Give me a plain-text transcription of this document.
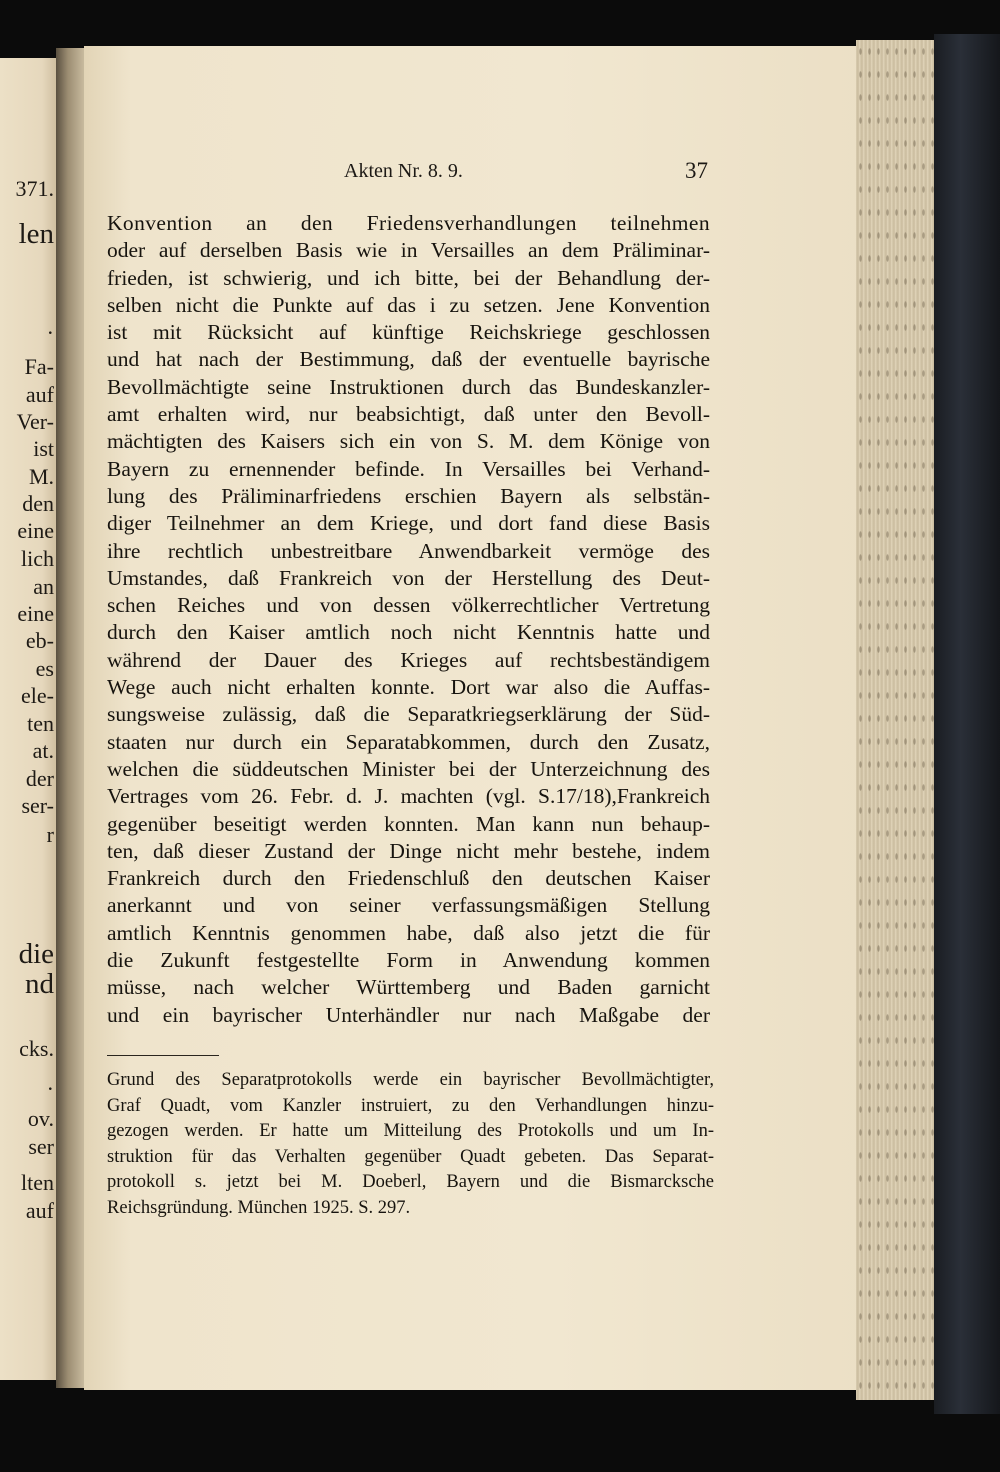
371.

len

·

Fa-

auf

Ver-

ist

M.

den

eine

lich

an

eine

eb-

es

ele-

ten

at.

der

ser-

r

die

nd

cks.

·

ov.

ser

lten

auf

Akten Nr. 8. 9.	37

Konvention an den Friedensverhandlungen teilnehmen
oder auf derselben Basis wie in Versailles an dem Präliminar-
frieden, ist schwierig, und ich bitte, bei der Behandlung der-
selben nicht die Punkte auf das i zu setzen. Jene Konvention
ist mit Rücksicht auf künftige Reichskriege geschlossen
und hat nach der Bestimmung, daß der eventuelle bayrische
Bevollmächtigte seine Instruktionen durch das Bundeskanzler-
amt erhalten wird, nur beabsichtigt, daß unter den Bevoll-
mächtigten des Kaisers sich ein von S. M. dem Könige von
Bayern zu ernennender befinde. In Versailles bei Verhand-
lung des Präliminarfriedens erschien Bayern als selbstän-
diger Teilnehmer an dem Kriege, und dort fand diese Basis
ihre rechtlich unbestreitbare Anwendbarkeit vermöge des
Umstandes, daß Frankreich von der Herstellung des Deut-
schen Reiches und von dessen völkerrechtlicher Vertretung
durch den Kaiser amtlich noch nicht Kenntnis hatte und
während der Dauer des Krieges auf rechtsbeständigem
Wege auch nicht erhalten konnte. Dort war also die Auffas-
sungsweise zulässig, daß die Separatkriegserklärung der Süd-
staaten nur durch ein Separatabkommen, durch den Zusatz,
welchen die süddeutschen Minister bei der Unterzeichnung des
Vertrages vom 26. Febr. d. J. machten (vgl. S.17/18),Frankreich
gegenüber beseitigt werden konnten. Man kann nun behaup-
ten, daß dieser Zustand der Dinge nicht mehr bestehe, indem
Frankreich durch den Friedenschluß den deutschen Kaiser
anerkannt und von seiner verfassungsmäßigen Stellung
amtlich Kenntnis genommen habe, daß also jetzt die für
die Zukunft festgestellte Form in Anwendung kommen
müsse, nach welcher Württemberg und Baden garnicht
und ein bayrischer Unterhändler nur nach Maßgabe der
Grund des Separatprotokolls werde ein bayrischer Bevollmächtigter,
Graf Quadt, vom Kanzler instruiert, zu den Verhandlungen hinzu-
gezogen werden. Er hatte um Mitteilung des Protokolls und um In-
struktion für das Verhalten gegenüber Quadt gebeten. Das Separat-
protokoll s. jetzt bei M. Doeberl, Bayern und die Bismarcksche
Reichsgründung. München 1925. S. 297.
